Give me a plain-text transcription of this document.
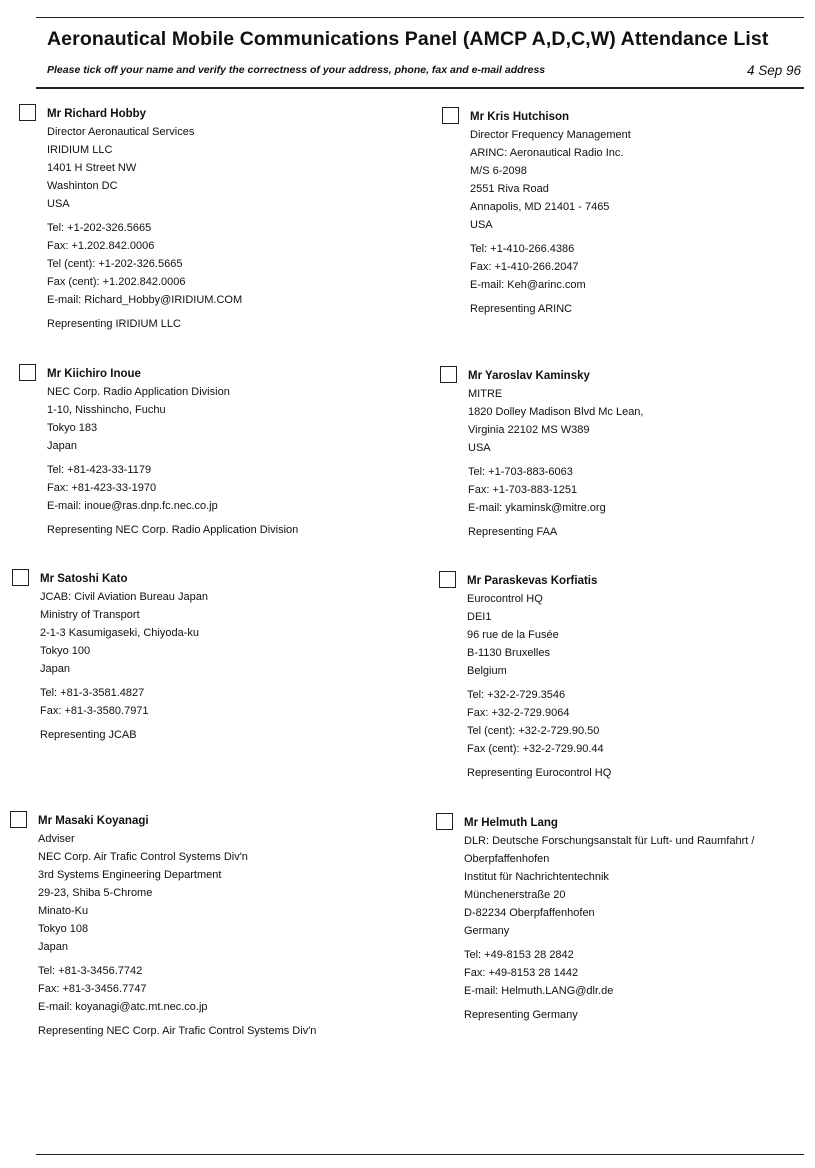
Aeronautical Mobile Communications Panel (AMCP A,D,C,W) Attendance List
Please tick off your name and verify the correctness of your address, phone, fax and e-mail address	4 Sep 96
Mr Richard Hobby
Director Aeronautical Services
IRIDIUM LLC
1401 H Street NW
Washinton DC
USA
Tel: +1-202-326.5665
Fax: +1.202.842.0006
Tel (cent): +1-202-326.5665
Fax (cent): +1.202.842.0006
E-mail: Richard_Hobby@IRIDIUM.COM
Representing IRIDIUM LLC
Mr Kris Hutchison
Director Frequency Management
ARINC: Aeronautical Radio Inc.
M/S 6-2098
2551 Riva Road
Annapolis, MD 21401 - 7465
USA
Tel: +1-410-266.4386
Fax: +1-410-266.2047
E-mail: Keh@arinc.com
Representing ARINC
Mr Kiichiro Inoue
NEC Corp. Radio Application Division
1-10, Nisshincho, Fuchu
Tokyo 183
Japan
Tel: +81-423-33-1179
Fax: +81-423-33-1970
E-mail: inoue@ras.dnp.fc.nec.co.jp
Representing NEC Corp. Radio Application Division
Mr Yaroslav Kaminsky
MITRE
1820 Dolley Madison Blvd Mc Lean,
Virginia 22102 MS W389
USA
Tel: +1-703-883-6063
Fax: +1-703-883-1251
E-mail: ykaminsk@mitre.org
Representing FAA
Mr Satoshi Kato
JCAB: Civil Aviation Bureau Japan
Ministry of Transport
2-1-3 Kasumigaseki, Chiyoda-ku
Tokyo 100
Japan
Tel: +81-3-3581.4827
Fax: +81-3-3580.7971
Representing JCAB
Mr Paraskevas Korfiatis
Eurocontrol HQ
DEI1
96 rue de la Fusée
B-1130 Bruxelles
Belgium
Tel: +32-2-729.3546
Fax: +32-2-729.9064
Tel (cent): +32-2-729.90.50
Fax (cent): +32-2-729.90.44
Representing Eurocontrol HQ
Mr Masaki Koyanagi
Adviser
NEC Corp. Air Trafic Control Systems Div'n
3rd Systems Engineering Department
29-23, Shiba 5-Chrome
Minato-Ku
Tokyo 108
Japan
Tel: +81-3-3456.7742
Fax: +81-3-3456.7747
E-mail: koyanagi@atc.mt.nec.co.jp
Representing NEC Corp. Air Trafic Control Systems Div'n
Mr Helmuth Lang
DLR: Deutsche Forschungsanstalt für Luft- und Raumfahrt /
Oberpfaffenhofen
Institut für Nachrichtentechnik
Münchenerstraße 20
D-82234 Oberpfaffenhofen
Germany
Tel: +49-8153 28 2842
Fax: +49-8153 28 1442
E-mail: Helmuth.LANG@dlr.de
Representing Germany
